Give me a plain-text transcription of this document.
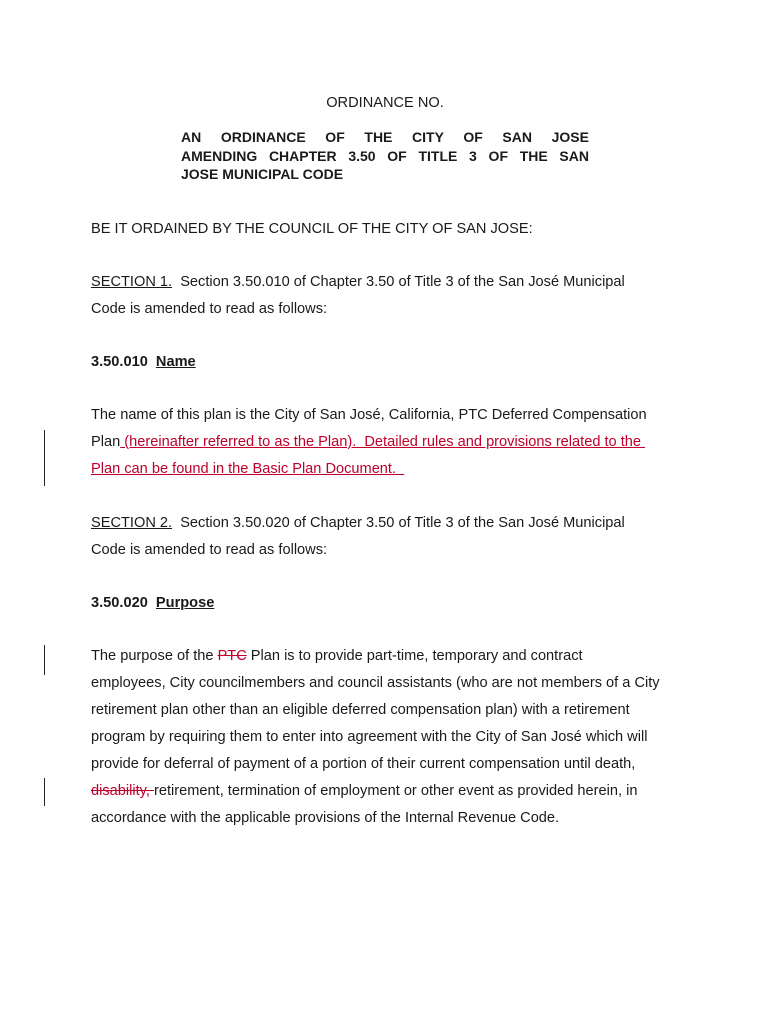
ORDINANCE NO.
AN ORDINANCE OF THE CITY OF SAN JOSE
AMENDING CHAPTER 3.50 OF TITLE 3 OF THE SAN
JOSE MUNICIPAL CODE
BE IT ORDAINED BY THE COUNCIL OF THE CITY OF SAN JOSE:
SECTION 1.  Section 3.50.010 of Chapter 3.50 of Title 3 of the San José Municipal
Code is amended to read as follows:
3.50.010  Name
The name of this plan is the City of San José, California, PTC Deferred Compensation
Plan (hereinafter referred to as the Plan).  Detailed rules and provisions related to the
Plan can be found in the Basic Plan Document.
SECTION 2.  Section 3.50.020 of Chapter 3.50 of Title 3 of the San José Municipal
Code is amended to read as follows:
3.50.020  Purpose
The purpose of the PTC Plan is to provide part-time, temporary and contract
employees, City councilmembers and council assistants (who are not members of a City
retirement plan other than an eligible deferred compensation plan) with a retirement
program by requiring them to enter into agreement with the City of San José which will
provide for deferral of payment of a portion of their current compensation until death,
disability, retirement, termination of employment or other event as provided herein, in
accordance with the applicable provisions of the Internal Revenue Code.
